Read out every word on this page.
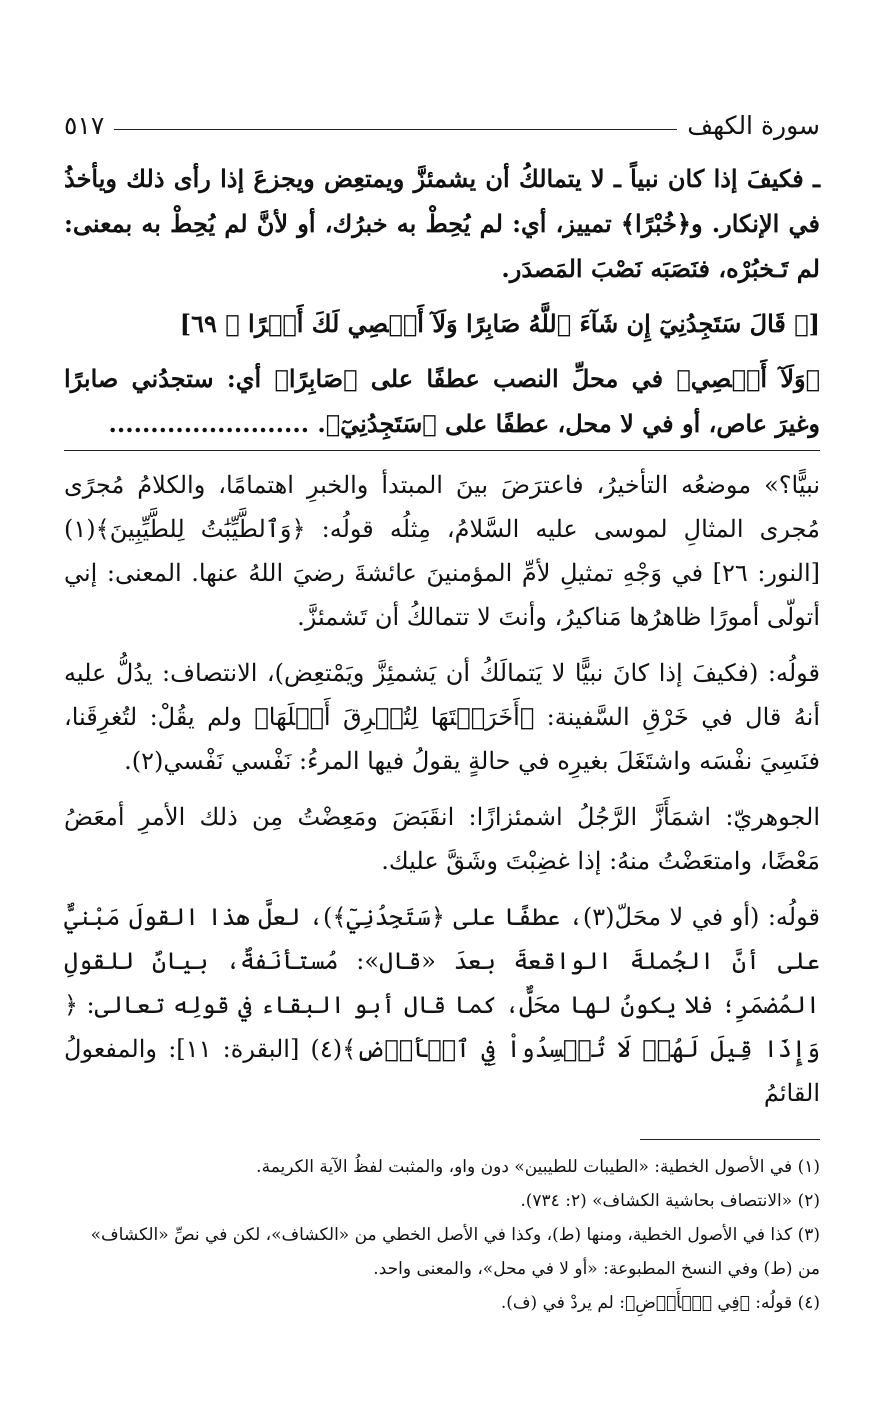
سورة الكهف
٥١٧

ـ فكيفَ إذا كان نبياً ـ لا يتمالكُ أن يشمئزَّ ويمتعِض ويجزعَ إذا رأى ذلك ويأخذُ في الإنكار. و﴿خُبْرًا﴾ تمييز، أي: لم يُحِطْ به خبرُك، أو لأنَّ لم يُحِطْ به بمعنى: لم تَـخبُرْه، فنَصَبَه نَصْبَ المَصدَر.

[﴿ قَالَ سَتَجِدُنِيٓ إِن شَآءَ ٱللَّهُ صَابِرًا وَلَآ أَعۡصِي لَكَ أَمۡرًا ﴾ ٦٩]

﴿وَلَآ أَعۡصِي﴾ في محلِّ النصب عطفًا على ﴿صَابِرًا﴾ أي: ستجدُني صابرًا وغيرَ عاص، أو في لا محل، عطفًا على ﴿سَتَجِدُنِيٓ﴾. ........................

نبيًّا؟» موضعُه التأخيرُ، فاعترَضَ بينَ المبتدأ والخبرِ اهتمامًا، والكلامُ مُجرًى مُجرى المثالِ لموسى عليه السَّلامُ، مِثلُه قولُه: ﴿وَٱلطَّيِّبَٰتُ لِلطَّيِّبِينَ﴾(١) [النور: ٢٦] في وَجْهِ تمثيلِ لأمِّ المؤمنينَ عائشةَ رضيَ اللهُ عنها. المعنى: إني أتولّى أمورًا ظاهرُها مَناكيرُ، وأنتَ لا تتمالكُ أن تَشمئزَّ.

قولُه: (فكيفَ إذا كانَ نبيًّا لا يَتمالَكُ أن يَشمئِزَّ ويَمْتعِض)، الانتصاف: يدُلُّ عليه أنهُ قال في خَرْقِ السَّفينة: ﴿أَخَرَقۡتَهَا لِتُغۡرِقَ أَهۡلَهَا﴾ ولم يقُلْ: لتُغرِقَنا، فنَسِيَ نفْسَه واشتَغَلَ بغيرِه في حالةٍ يقولُ فيها المرءُ: نَفْسي نَفْسي(٢).

الجوهريّ: اشمَأَزَّ الرَّجُلُ اشمئزازًا: انقَبَضَ ومَعِضْتُ مِن ذلك الأمرِ أمعَضُ مَعْضًا، وامتعَضْتُ منهُ: إذا غضِبْتَ وشَقَّ عليك.

قولُه: (أو في لا محَلّ(٣)، عطفًا على ﴿سَتَجِدُنِيٓ﴾)، لعلَّ هذا القولَ مَبْنيٌّ على أنَّ الجُملةَ الواقعةَ بعدَ «قال»: مُستأنَفةٌ، بيانٌ للقولِ المُضمَرِ؛ فلا يكونُ لها محَلٌّ، كما قال أبو البقاء في قولِه تعالى: ﴿ وَإِذَا قِيلَ لَهُمۡ لَا تُفۡسِدُواْ فِي ٱلۡأَرۡضِ﴾(٤) [البقرة: ١١]: والمفعولُ القائمُ

(١) في الأصول الخطية: «الطيبات للطيبين» دون واو، والمثبت لفظُ الآية الكريمة.

(٢) «الانتصاف بحاشية الكشاف» (٢: ٧٣٤).

(٣) كذا في الأصول الخطية، ومنها (ط)، وكذا في الأصل الخطي من «الكشاف»، لكن في نصِّ «الكشاف» من (ط) وفي النسخ المطبوعة: «أو لا في محل»، والمعنى واحد.

(٤) قولُه: ﴿فِي ٱلۡأَرۡضِ﴾: لم يردْ في (ف).
